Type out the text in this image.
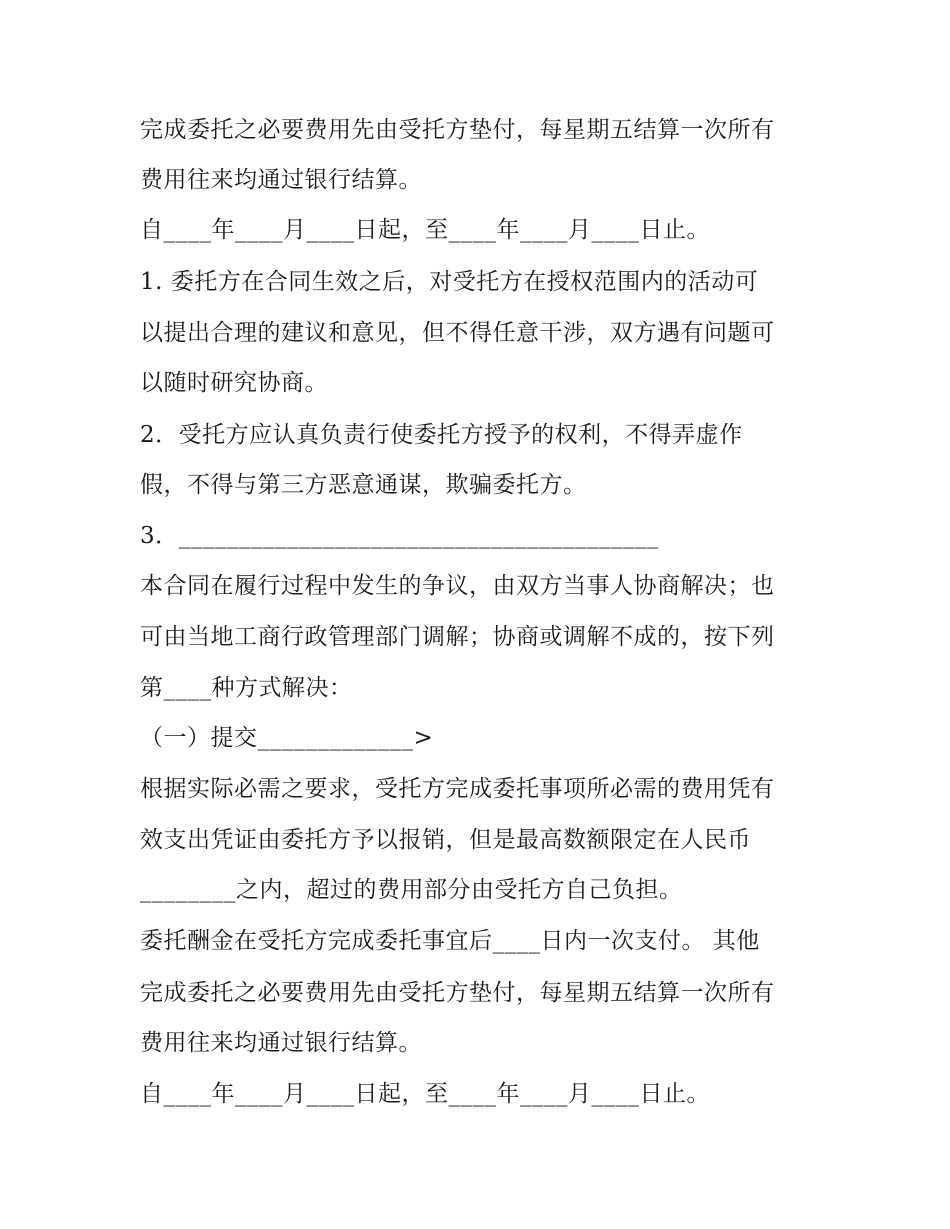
完成委托之必要费用先由受托方垫付，每星期五结算一次所有
费用往来均通过银行结算。
自____年____月____日起，至____年____月____日止。
1. 委托方在合同生效之后，对受托方在授权范围内的活动可
以提出合理的建议和意见，但不得任意干涉，双方遇有问题可
以随时研究协商。
2．受托方应认真负责行使委托方授予的权利，不得弄虚作
假，不得与第三方恶意通谋，欺骗委托方。
3．________________________________________
本合同在履行过程中发生的争议，由双方当事人协商解决；也
可由当地工商行政管理部门调解；协商或调解不成的，按下列
第____种方式解决：
（一）提交_____________>
根据实际必需之要求，受托方完成委托事项所必需的费用凭有
效支出凭证由委托方予以报销，但是最高数额限定在人民币
________之内，超过的费用部分由受托方自己负担。
委托酬金在受托方完成委托事宜后____日内一次支付。 其他
完成委托之必要费用先由受托方垫付，每星期五结算一次所有
费用往来均通过银行结算。
自____年____月____日起，至____年____月____日止。
